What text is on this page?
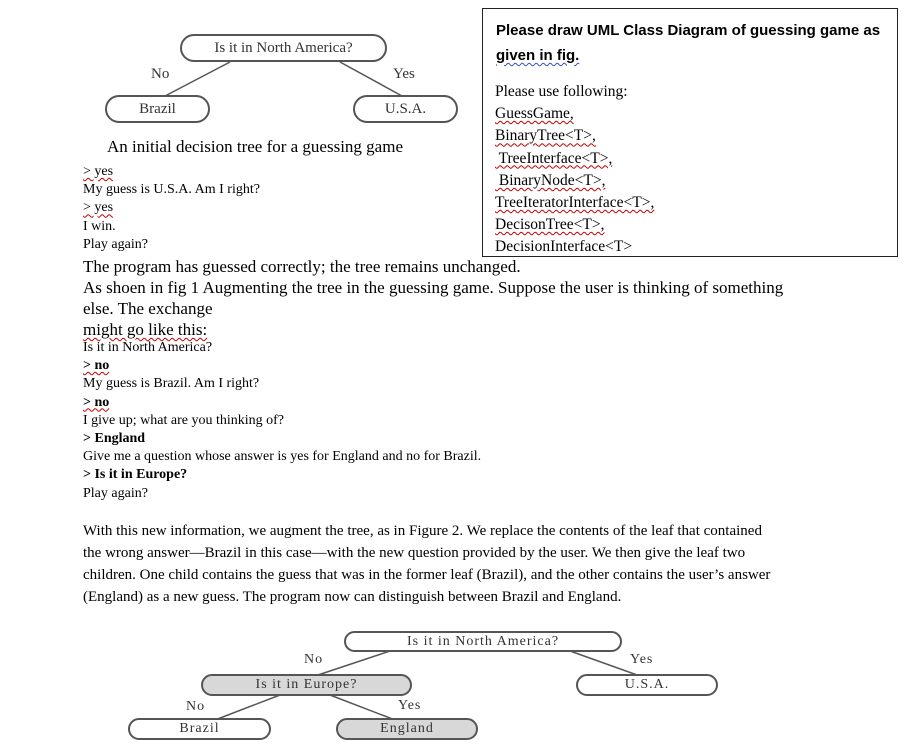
Is it in North America?
No	Yes
Brazil	U.S.A.
An initial decision tree for a guessing game
Please draw UML Class Diagram of guessing game as
given in fig.
Please use following:
GuessGame,
BinaryTree<T>,
TreeInterface<T>,
BinaryNode<T>,
TreeIteratorInterface<T>,
DecisonTree<T>,
DecisionInterface<T>
> yes
My guess is U.S.A. Am I right?
> yes
I win.
Play again?
The program has guessed correctly; the tree remains unchanged.
As shoen in fig 1 Augmenting the tree in the guessing game. Suppose the user is thinking of something
else. The exchange
might go like this:
Is it in North America?
> no
My guess is Brazil. Am I right?
> no
I give up; what are you thinking of?
> England
Give me a question whose answer is yes for England and no for Brazil.
> Is it in Europe?
Play again?
With this new information, we augment the tree, as in Figure 2. We replace the contents of the leaf that contained
the wrong answer—Brazil in this case—with the new question provided by the user. We then give the leaf two
children. One child contains the guess that was in the former leaf (Brazil), and the other contains the user’s answer
(England) as a new guess. The program now can distinguish between Brazil and England.
Is it in North America?
No	Yes
Is it in Europe?	U.S.A.
No	Yes
Brazil	England
